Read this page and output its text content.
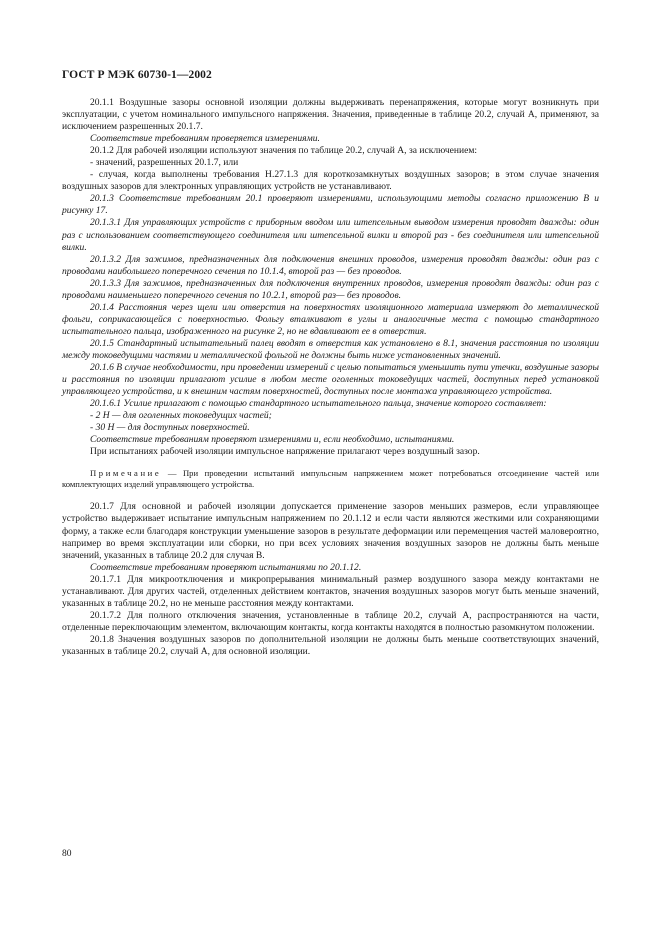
ГОСТ Р МЭК 60730-1—2002

20.1.1 Воздушные зазоры основной изоляции должны выдерживать перенапряжения, которые могут возникнуть при эксплуатации, с учетом номинального импульсного напряжения. Значения, приведенные в таблице 20.2, случай А, применяют, за исключением разрешенных 20.1.7.

Соответствие требованиям проверяется измерениями.

20.1.2 Для рабочей изоляции используют значения по таблице 20.2, случай А, за исключением:

- значений, разрешенных 20.1.7, или

- случая, когда выполнены требования Н.27.1.3 для короткозамкнутых воздушных зазоров; в этом случае значения воздушных зазоров для электронных управляющих устройств не устанавливают.

20.1.3 Соответствие требованиям 20.1 проверяют измерениями, использующими методы согласно приложению В и рисунку 17.

20.1.3.1 Для управляющих устройств с приборным вводом или штепсельным выводом измерения проводят дважды: один раз с использованием соответствующего соединителя или штепсельной вилки и второй раз - без соединителя или штепсельной вилки.

20.1.3.2 Для зажимов, предназначенных для подключения внешних проводов, измерения проводят дважды: один раз с проводами наибольшего поперечного сечения по 10.1.4, второй раз — без проводов.

20.1.3.3 Для зажимов, предназначенных для подключения внутренних проводов, измерения проводят дважды: один раз с проводами наименьшего поперечного сечения по 10.2.1, второй раз— без проводов.

20.1.4 Расстояния через щели или отверстия на поверхностях изоляционного материала измеряют до металлической фольги, соприкасающейся с поверхностью. Фольгу вталкивают в углы и аналогичные места с помощью стандартного испытательного пальца, изображенного на рисунке 2, но не вдавливают ее в отверстия.

20.1.5 Стандартный испытательный палец вводят в отверстия как установлено в 8.1, значения расстояния по изоляции между токоведущими частями и металлической фольгой не должны быть ниже установленных значений.

20.1.6 В случае необходимости, при проведении измерений с целью попытаться уменьшить пути утечки, воздушные зазоры и расстояния по изоляции прилагают усилие в любом месте оголенных токоведущих частей, доступных перед установкой управляющего устройства, и к внешним частям поверхностей, доступных после монтажа управляющего устройства.

20.1.6.1 Усилие прилагают с помощью стандартного испытательного пальца, значение которого составляет:

- 2 Н — для оголенных токоведущих частей;

- 30 Н — для доступных поверхностей.

Соответствие требованиям проверяют измерениями и, если необходимо, испытаниями.

При испытаниях рабочей изоляции импульсное напряжение прилагают через воздушный зазор.

Примечание — При проведении испытаний импульсным напряжением может потребоваться отсоединение частей или комплектующих изделий управляющего устройства.

20.1.7 Для основной и рабочей изоляции допускается применение зазоров меньших размеров, если управляющее устройство выдерживает испытание импульсным напряжением по 20.1.12 и если части являются жесткими или сохраняющими форму, а также если благодаря конструкции уменьшение зазоров в результате деформации или перемещения частей маловероятно, например во время эксплуатации или сборки, но при всех условиях значения воздушных зазоров не должны быть меньше значений, указанных в таблице 20.2 для случая В.

Соответствие требованиям проверяют испытаниями по 20.1.12.

20.1.7.1 Для микроотключения и микропрерывания минимальный размер воздушного зазора между контактами не устанавливают. Для других частей, отделенных действием контактов, значения воздушных зазоров могут быть меньше значений, указанных в таблице 20.2, но не меньше расстояния между контактами.

20.1.7.2 Для полного отключения значения, установленные в таблице 20.2, случай А, распространяются на части, отделенные переключающим элементом, включающим контакты, когда контакты находятся в полностью разомкнутом положении.

20.1.8 Значения воздушных зазоров по дополнительной изоляции не должны быть меньше соответствующих значений, указанных в таблице 20.2, случай А, для основной изоляции.

80
